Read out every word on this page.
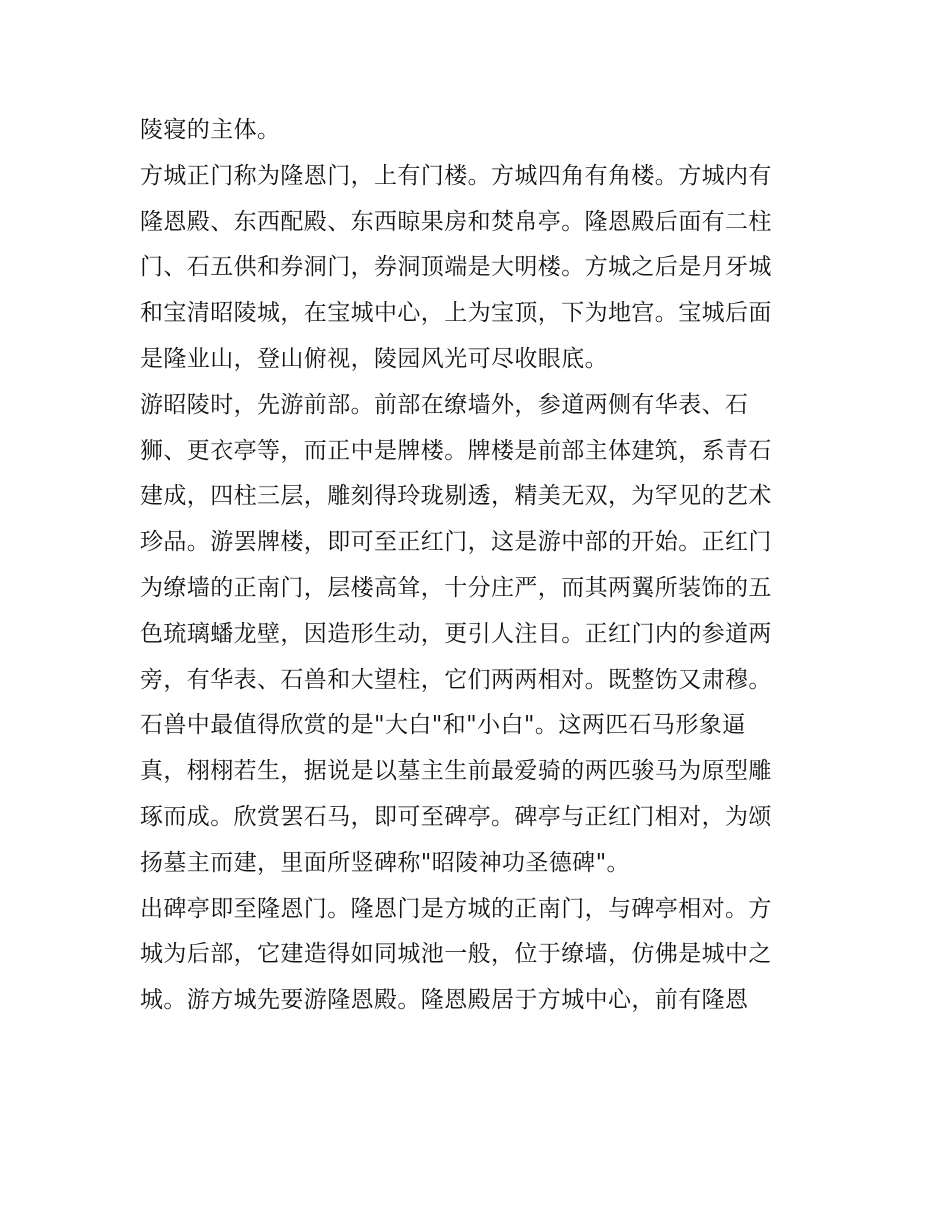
陵寝的主体。
方城正门称为隆恩门，上有门楼。方城四角有角楼。方城内有
隆恩殿、东西配殿、东西晾果房和焚帛亭。隆恩殿后面有二柱
门、石五供和券洞门，券洞顶端是大明楼。方城之后是月牙城
和宝清昭陵城，在宝城中心，上为宝顶，下为地宫。宝城后面
是隆业山，登山俯视，陵园风光可尽收眼底。
游昭陵时，先游前部。前部在缭墙外，参道两侧有华表、石
狮、更衣亭等，而正中是牌楼。牌楼是前部主体建筑，系青石
建成，四柱三层，雕刻得玲珑剔透，精美无双，为罕见的艺术
珍品。游罢牌楼，即可至正红门，这是游中部的开始。正红门
为缭墙的正南门，层楼高耸，十分庄严，而其两翼所装饰的五
色琉璃蟠龙壁，因造形生动，更引人注目。正红门内的参道两
旁，有华表、石兽和大望柱，它们两两相对。既整饬又肃穆。
石兽中最值得欣赏的是"大白"和"小白"。这两匹石马形象逼
真，栩栩若生，据说是以墓主生前最爱骑的两匹骏马为原型雕
琢而成。欣赏罢石马，即可至碑亭。碑亭与正红门相对，为颂
扬墓主而建，里面所竖碑称"昭陵神功圣德碑"。
出碑亭即至隆恩门。隆恩门是方城的正南门，与碑亭相对。方
城为后部，它建造得如同城池一般，位于缭墙，仿佛是城中之
城。游方城先要游隆恩殿。隆恩殿居于方城中心，前有隆恩
